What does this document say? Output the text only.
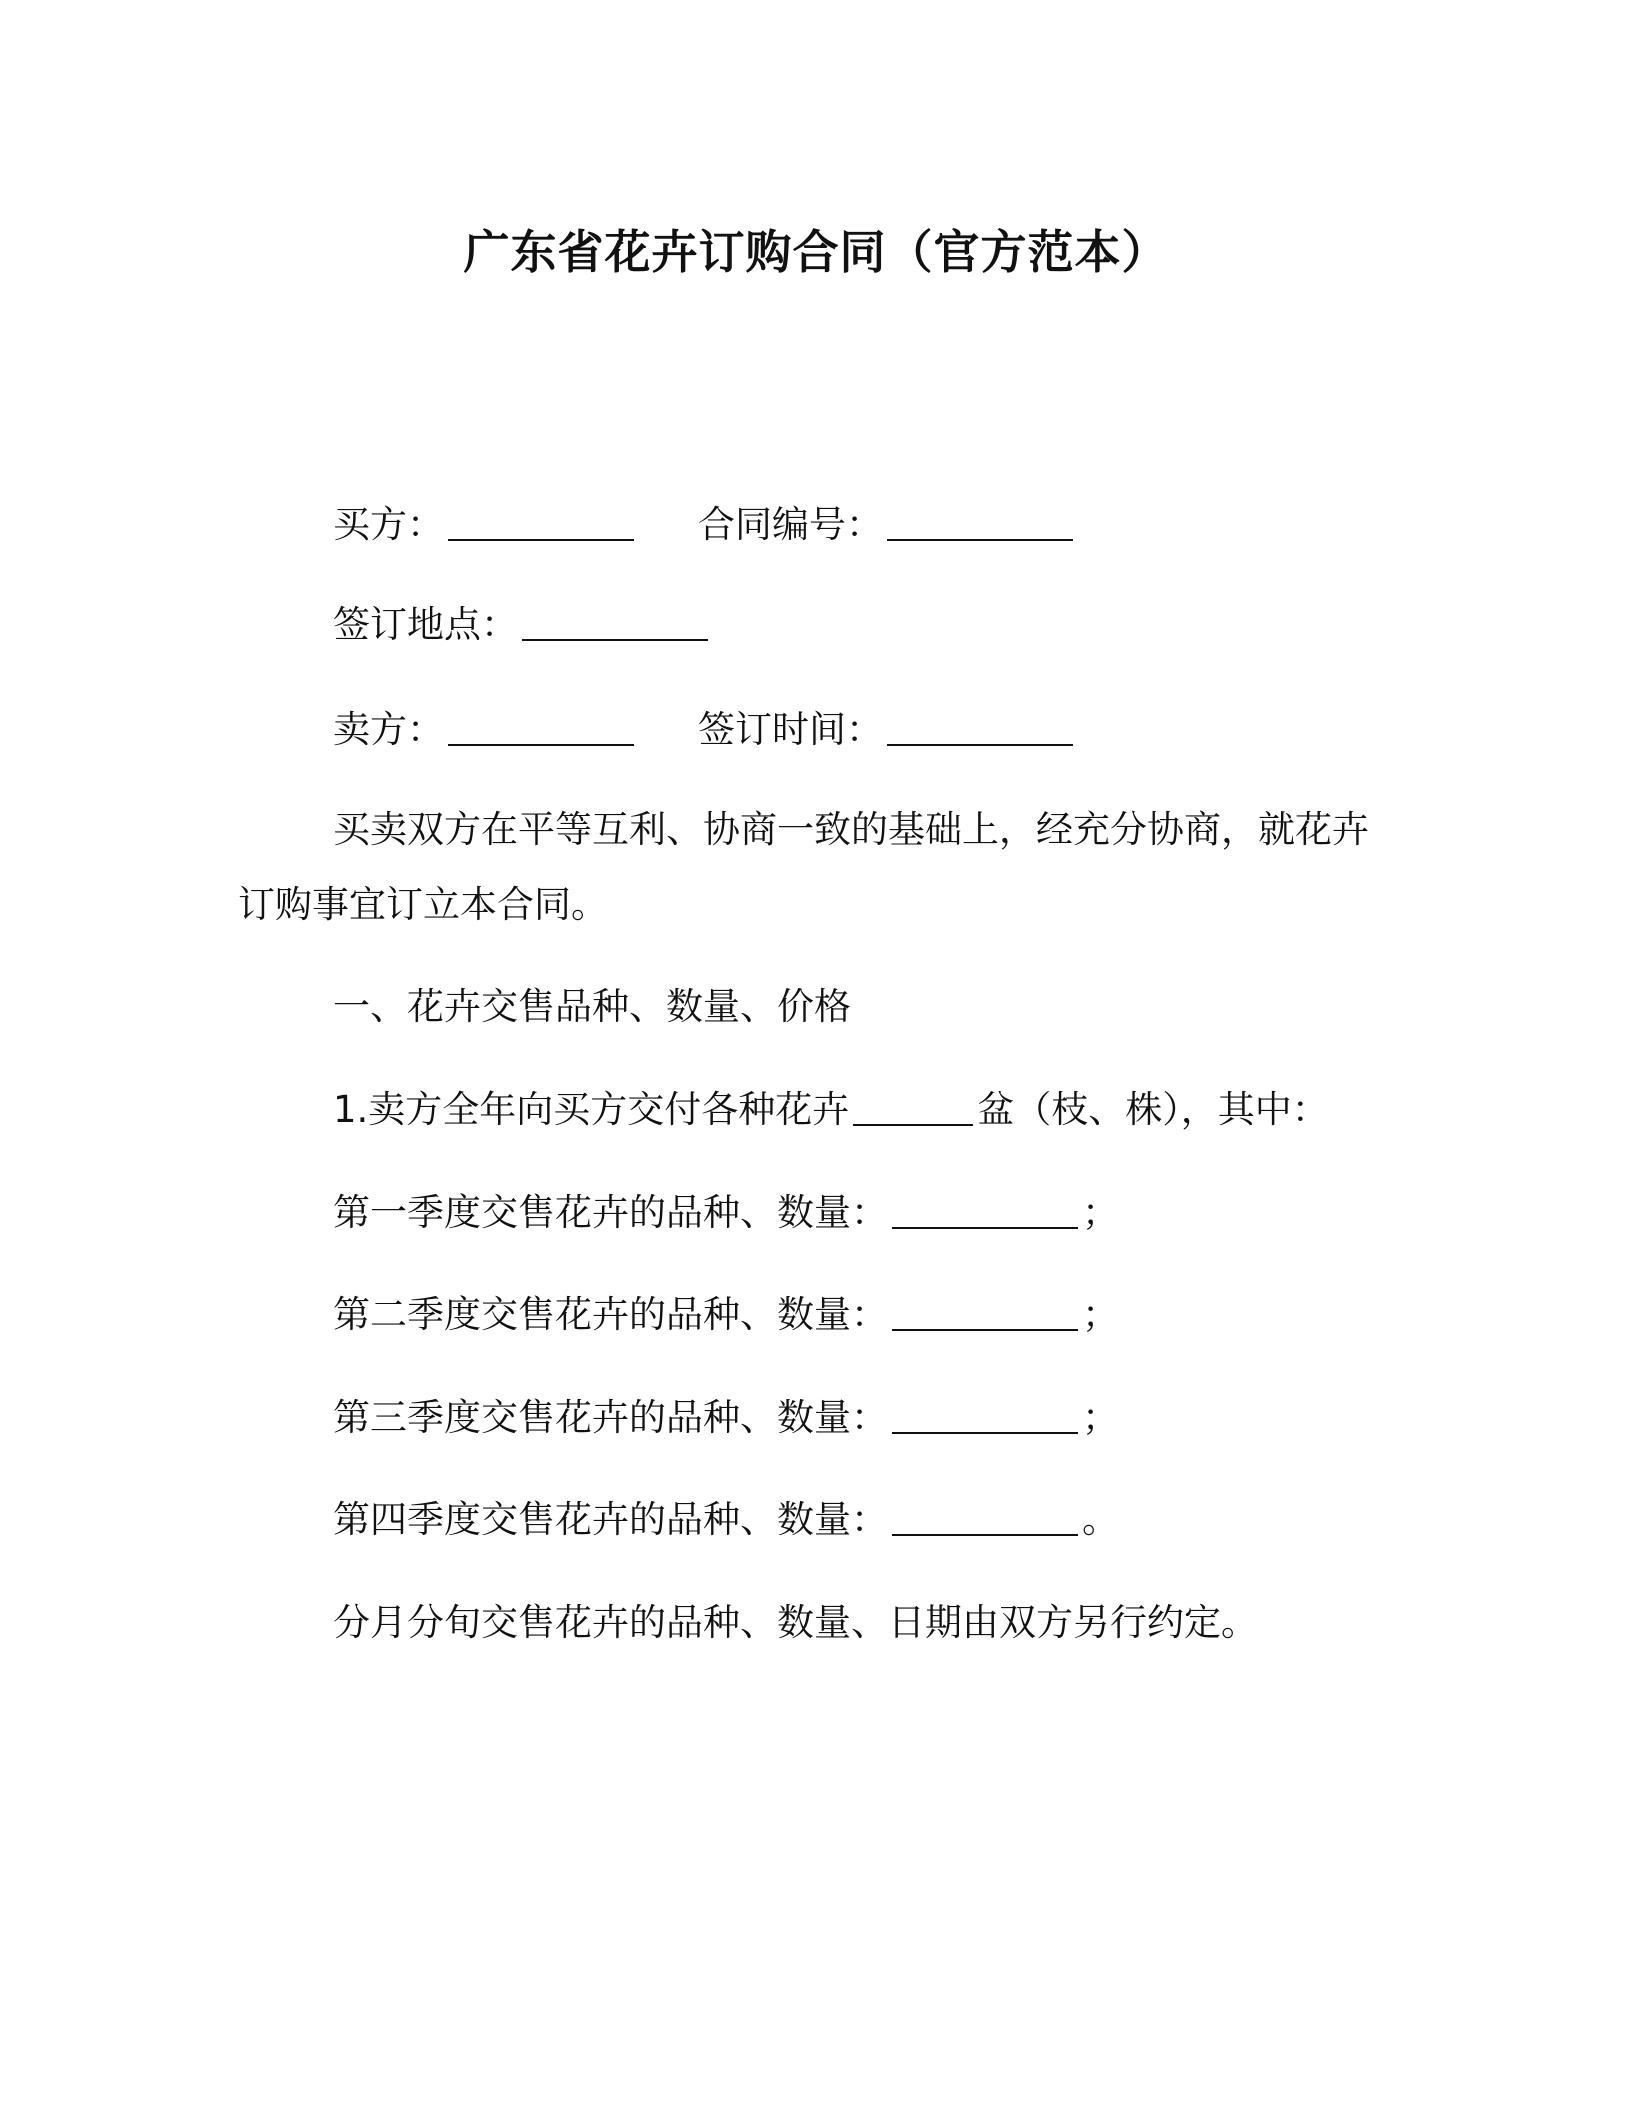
广东省花卉订购合同（官方范本）
买方：	合同编号：
签订地点：
卖方：	签订时间：
买卖双方在平等互利、协商一致的基础上，经充分协商，就花卉
订购事宜订立本合同。
一、花卉交售品种、数量、价格
1.卖方全年向买方交付各种花卉	盆（枝、株），其中：
第一季度交售花卉的品种、数量：	；
第二季度交售花卉的品种、数量：	；
第三季度交售花卉的品种、数量：	；
第四季度交售花卉的品种、数量：	。
分月分旬交售花卉的品种、数量、日期由双方另行约定。
